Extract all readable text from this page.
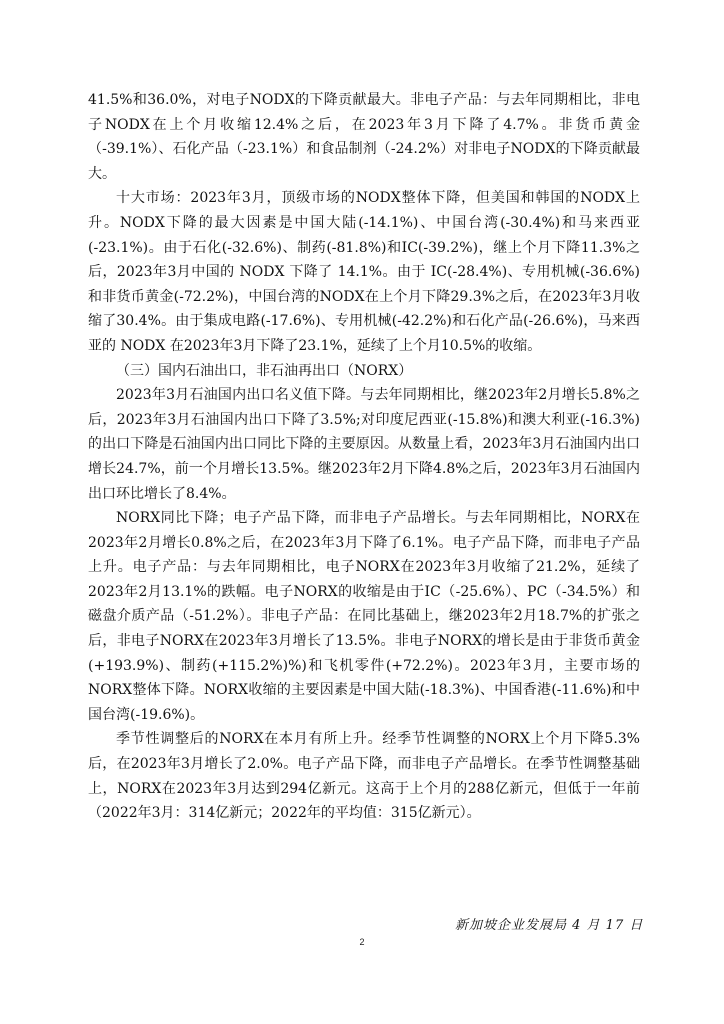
41.5%和36.0%，对电子NODX的下降贡献最大。非电子产品：与去年同期相比，非电子NODX在上个月收缩12.4%之后，在2023年3月下降了4.7%。非货币黄金（-39.1%）、石化产品（-23.1%）和食品制剂（-24.2%）对非电子NODX的下降贡献最大。

十大市场：2023年3月，顶级市场的NODX整体下降，但美国和韩国的NODX上升。NODX下降的最大因素是中国大陆(-14.1%)、中国台湾(-30.4%)和马来西亚(-23.1%)。由于石化(-32.6%)、制药(-81.8%)和IC(-39.2%)，继上个月下降11.3%之后，2023年3月中国的 NODX 下降了 14.1%。由于 IC(-28.4%)、专用机械(-36.6%)和非货币黄金(-72.2%)，中国台湾的NODX在上个月下降29.3%之后，在2023年3月收缩了30.4%。由于集成电路(-17.6%)、专用机械(-42.2%)和石化产品(-26.6%)，马来西亚的 NODX 在2023年3月下降了23.1%，延续了上个月10.5%的收缩。

（三）国内石油出口，非石油再出口（NORX）

2023年3月石油国内出口名义值下降。与去年同期相比，继2023年2月增长5.8%之后，2023年3月石油国内出口下降了3.5%;对印度尼西亚(-15.8%)和澳大利亚(-16.3%)的出口下降是石油国内出口同比下降的主要原因。从数量上看，2023年3月石油国内出口增长24.7%，前一个月增长13.5%。继2023年2月下降4.8%之后，2023年3月石油国内出口环比增长了8.4%。

NORX同比下降；电子产品下降，而非电子产品增长。与去年同期相比，NORX在2023年2月增长0.8%之后，在2023年3月下降了6.1%。电子产品下降，而非电子产品上升。电子产品：与去年同期相比，电子NORX在2023年3月收缩了21.2%，延续了2023年2月13.1%的跌幅。电子NORX的收缩是由于IC（-25.6%）、PC（-34.5%）和磁盘介质产品（-51.2%）。非电子产品：在同比基础上，继2023年2月18.7%的扩张之后，非电子NORX在2023年3月增长了13.5%。非电子NORX的增长是由于非货币黄金(+193.9%)、制药(+115.2%)%)和飞机零件(+72.2%)。2023年3月，主要市场的NORX整体下降。NORX收缩的主要因素是中国大陆(-18.3%)、中国香港(-11.6%)和中国台湾(-19.6%)。

季节性调整后的NORX在本月有所上升。经季节性调整的NORX上个月下降5.3%后，在2023年3月增长了2.0%。电子产品下降，而非电子产品增长。在季节性调整基础上，NORX在2023年3月达到294亿新元。这高于上个月的288亿新元，但低于一年前（2022年3月：314亿新元；2022年的平均值：315亿新元）。

新加坡企业发展局 4 月 17 日
2
